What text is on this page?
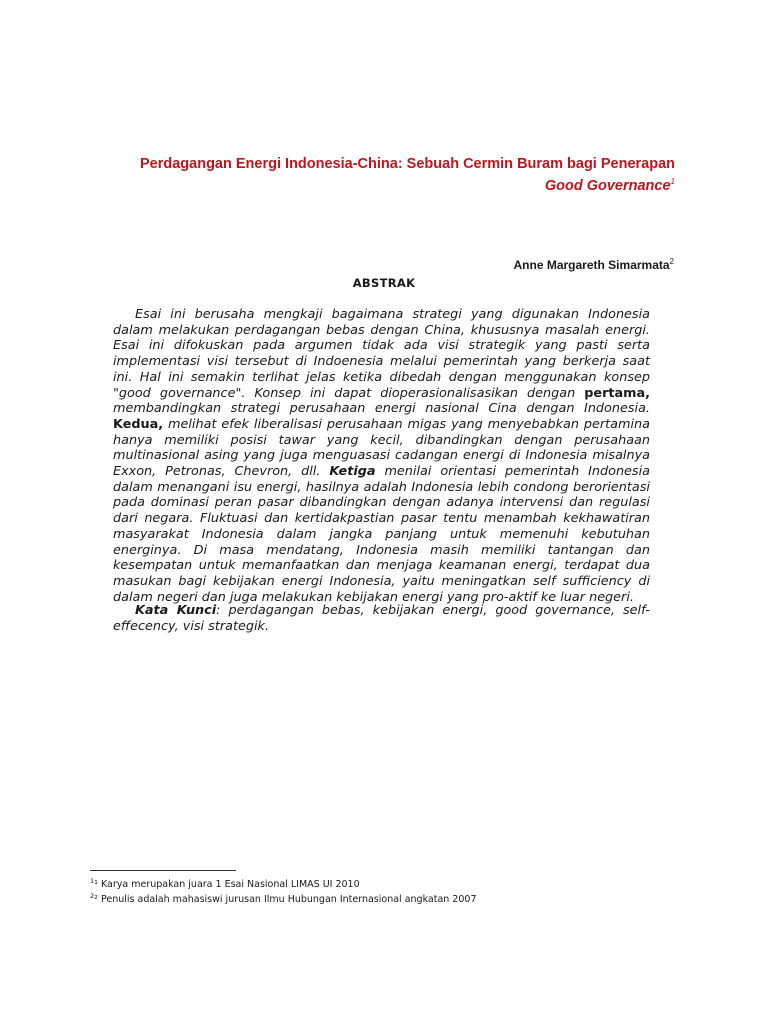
Perdagangan Energi Indonesia-China: Sebuah Cermin Buram bagi Penerapan
Good Governance$^1$
Anne Margareth Simarmata$^2$
ABSTRAK

Esai ini berusaha mengkaji bagaimana strategi yang digunakan Indonesia dalam melakukan perdagangan bebas dengan China, khususnya masalah energi. Esai ini difokuskan pada argumen tidak ada visi strategik yang pasti serta implementasi visi tersebut di Indoenesia melalui pemerintah yang berkerja saat ini. Hal ini semakin terlihat jelas ketika dibedah dengan menggunakan konsep "good governance". Konsep ini dapat dioperasionalisasikan dengan pertama, membandingkan strategi perusahaan energi nasional Cina dengan Indonesia. Kedua, melihat efek liberalisasi perusahaan migas yang menyebabkan pertamina hanya memiliki posisi tawar yang kecil, dibandingkan dengan perusahaan multinasional asing yang juga menguasasi cadangan energi di Indonesia misalnya Exxon, Petronas, Chevron, dll. Ketiga menilai orientasi pemerintah Indonesia dalam menangani isu energi, hasilnya adalah Indonesia lebih condong berorientasi pada dominasi peran pasar dibandingkan dengan adanya intervensi dan regulasi dari negara. Fluktuasi dan kertidakpastian pasar tentu menambah kekhawatiran masyarakat Indonesia dalam jangka panjang untuk memenuhi kebutuhan energinya. Di masa mendatang, Indonesia masih memiliki tantangan dan kesempatan untuk memanfaatkan dan menjaga keamanan energi, terdapat dua masukan bagi kebijakan energi Indonesia, yaitu meningatkan self sufficiency di dalam negeri dan juga melakukan kebijakan energi yang pro-aktif ke luar negeri.

Kata Kunci: perdagangan bebas, kebijakan energi, good governance, self-effecency, visi strategik.
$^1$¹ Karya merupakan juara 1 Esai Nasional LIMAS UI 2010
$^2$² Penulis adalah mahasiswi jurusan Ilmu Hubungan Internasional angkatan 2007
